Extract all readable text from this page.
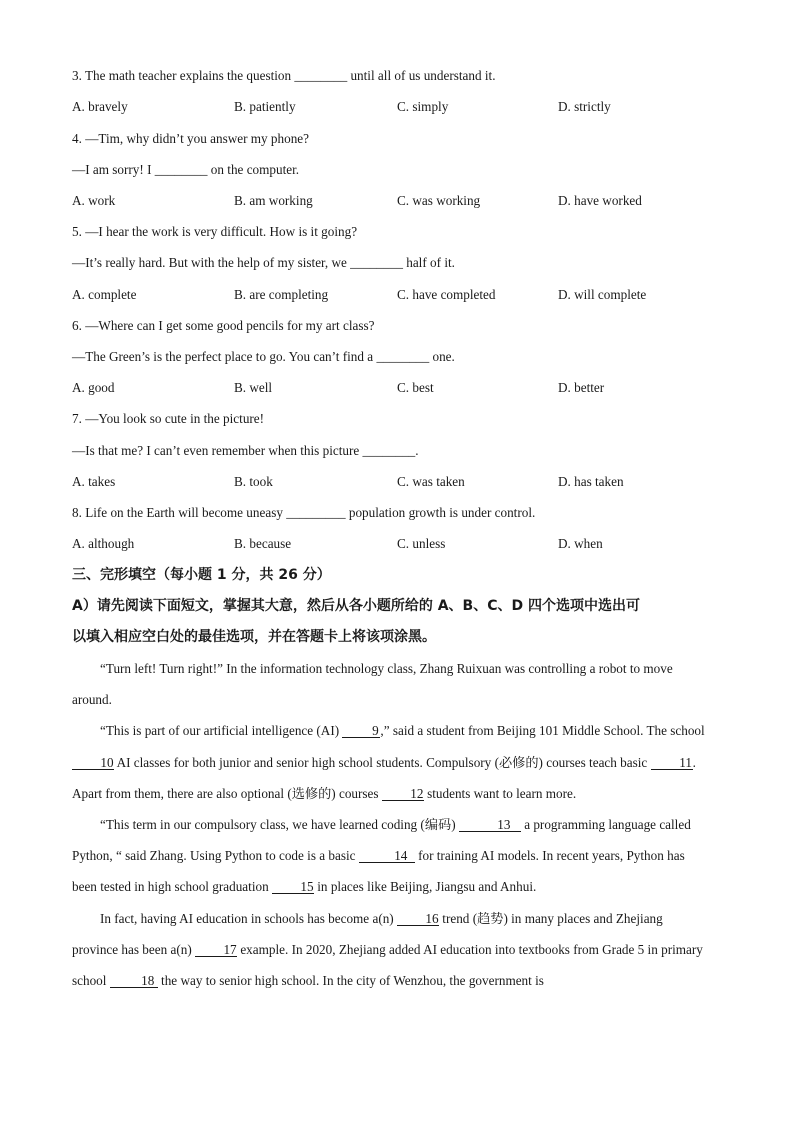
3. The math teacher explains the question ________ until all of us understand it.
A. bravely	B. patiently	C. simply	D. strictly
4. —Tim, why didn’t you answer my phone?
—I am sorry! I ________ on the computer.
A. work	B. am working	C. was working	D. have worked
5. —I hear the work is very difficult. How is it going?
—It’s really hard. But with the help of my sister, we ________ half of it.
A. complete	B. are completing	C. have completed	D. will complete
6. —Where can I get some good pencils for my art class?
—The Green’s is the perfect place to go. You can’t find a ________ one.
A. good	B. well	C. best	D. better
7. —You look so cute in the picture!
—Is that me? I can’t even remember when this picture ________.
A. takes	B. took	C. was taken	D. has taken
8. Life on the Earth will become uneasy _________ population growth is under control.
A. although	B. because	C. unless	D. when
三、完形填空（每小题 1 分，共 26 分）
A）请先阅读下面短文，掌握其大意，然后从各小题所给的 A、B、C、D 四个选项中选出可
以填入相应空白处的最佳选项，并在答题卡上将该项涂黑。

“Turn left! Turn right!” In the information technology class, Zhang Ruixuan was controlling a robot to move around.

“This is part of our artificial intelligence (AI) 9 ,” said a student from Beijing 101 Middle School. The school 10 AI classes for both junior and senior high school students. Compulsory (必修的) courses teach basic 11. Apart from them, there are also optional (选修的) courses 12 students want to learn more.

“This term in our compulsory class, we have learned coding (编码)	13 a programming language called Python, “ said Zhang. Using Python to code is a basic	14 for training AI models. In recent years, Python has been tested in high school graduation 15 in places like Beijing, Jiangsu and Anhui.

In fact, having AI education in schools has become a(n) 16 trend (趋势) in many places and Zhejiang province has been a(n) 17 example. In 2020, Zhejiang added AI education into textbooks from Grade 5 in primary school 18 the way to senior high school. In the city of Wenzhou, the government is
